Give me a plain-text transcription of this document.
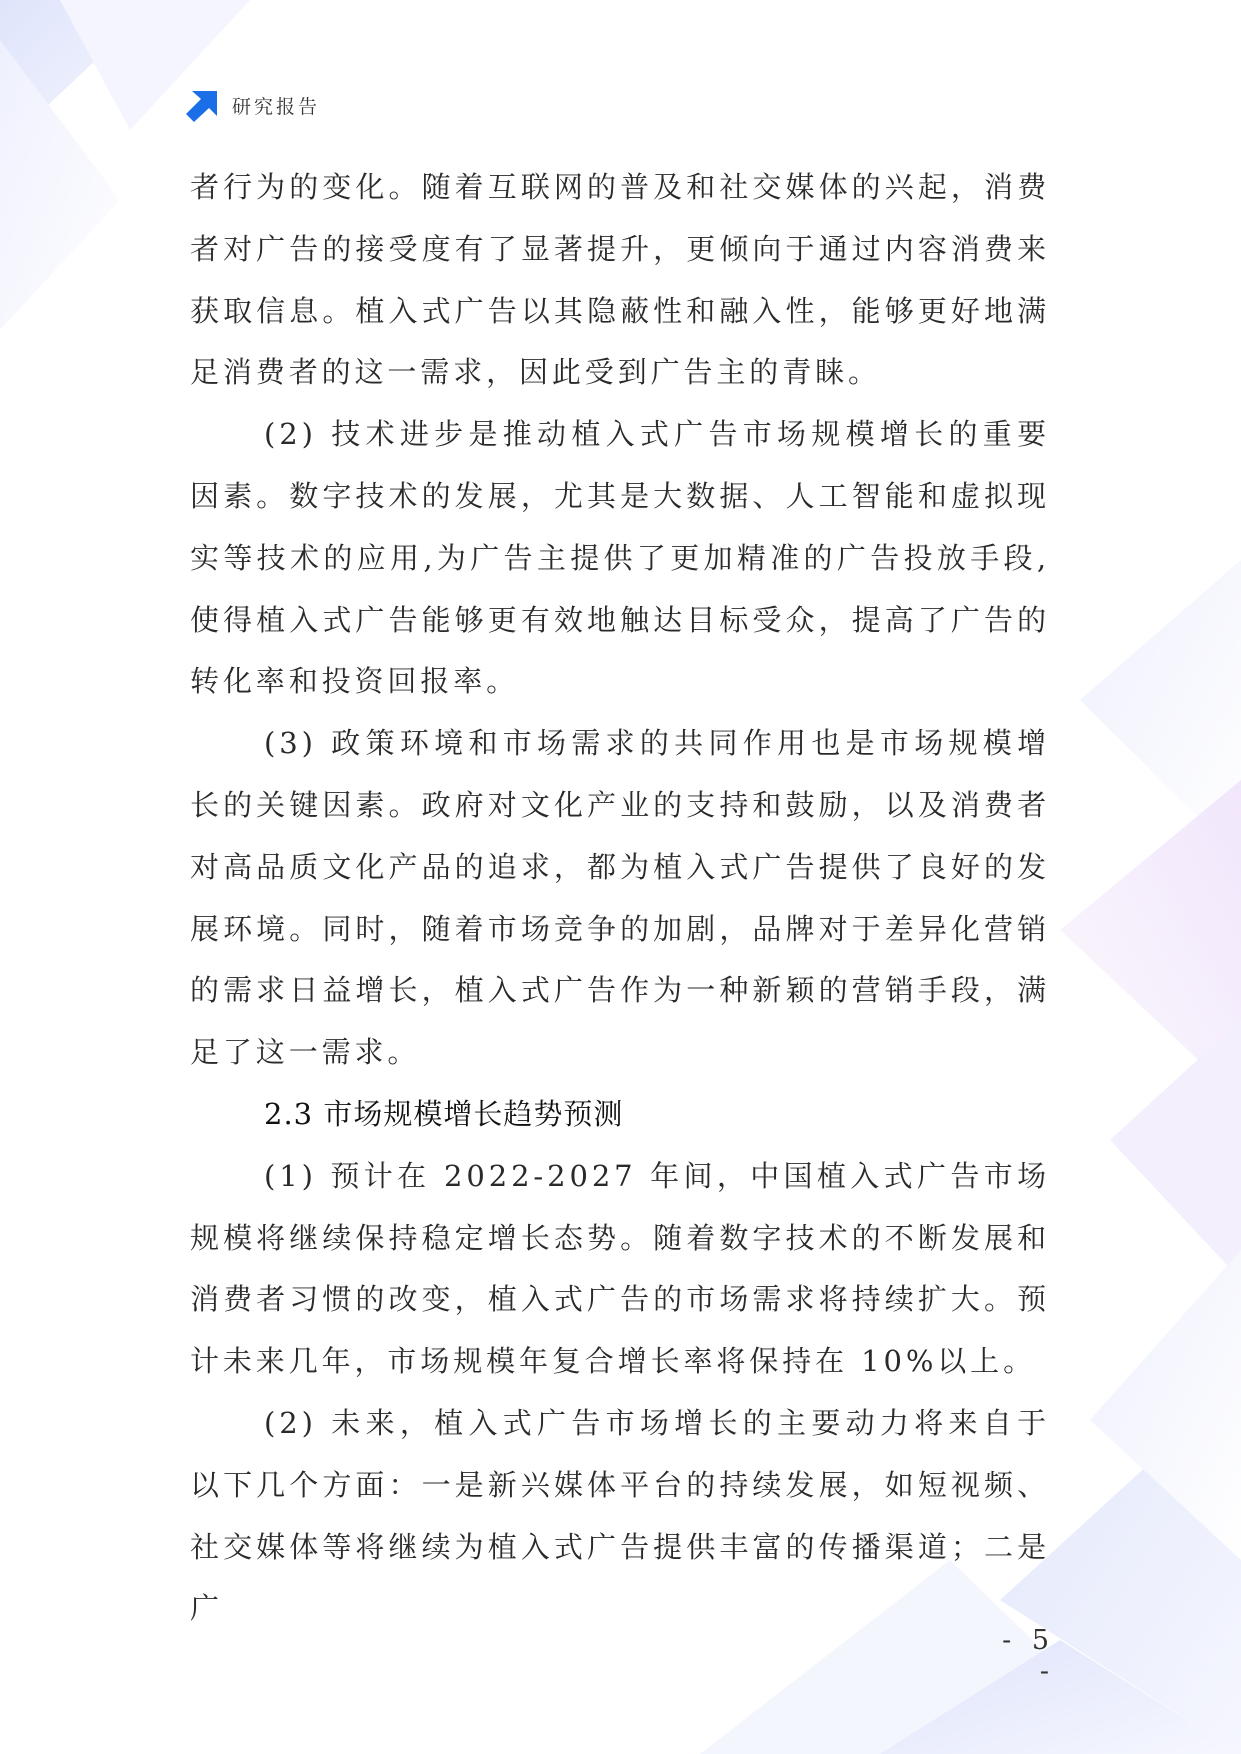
研究报告

者行为的变化。随着互联网的普及和社交媒体的兴起，消费者对广告的接受度有了显著提升，更倾向于通过内容消费来获取信息。植入式广告以其隐蔽性和融入性，能够更好地满足消费者的这一需求，因此受到广告主的青睐。

(2) 技术进步是推动植入式广告市场规模增长的重要因素。数字技术的发展，尤其是大数据、人工智能和虚拟现实等技术的应用,为广告主提供了更加精准的广告投放手段,使得植入式广告能够更有效地触达目标受众，提高了广告的转化率和投资回报率。

(3) 政策环境和市场需求的共同作用也是市场规模增长的关键因素。政府对文化产业的支持和鼓励，以及消费者对高品质文化产品的追求，都为植入式广告提供了良好的发展环境。同时，随着市场竞争的加剧，品牌对于差异化营销的需求日益增长，植入式广告作为一种新颖的营销手段，满足了这一需求。

2.3 市场规模增长趋势预测

(1) 预计在 2022-2027 年间，中国植入式广告市场规模将继续保持稳定增长态势。随着数字技术的不断发展和消费者习惯的改变，植入式广告的市场需求将持续扩大。预计未来几年，市场规模年复合增长率将保持在 10%以上。

(2) 未来，植入式广告市场增长的主要动力将来自于以下几个方面：一是新兴媒体平台的持续发展，如短视频、社交媒体等将继续为植入式广告提供丰富的传播渠道；二是广

- 5 -
